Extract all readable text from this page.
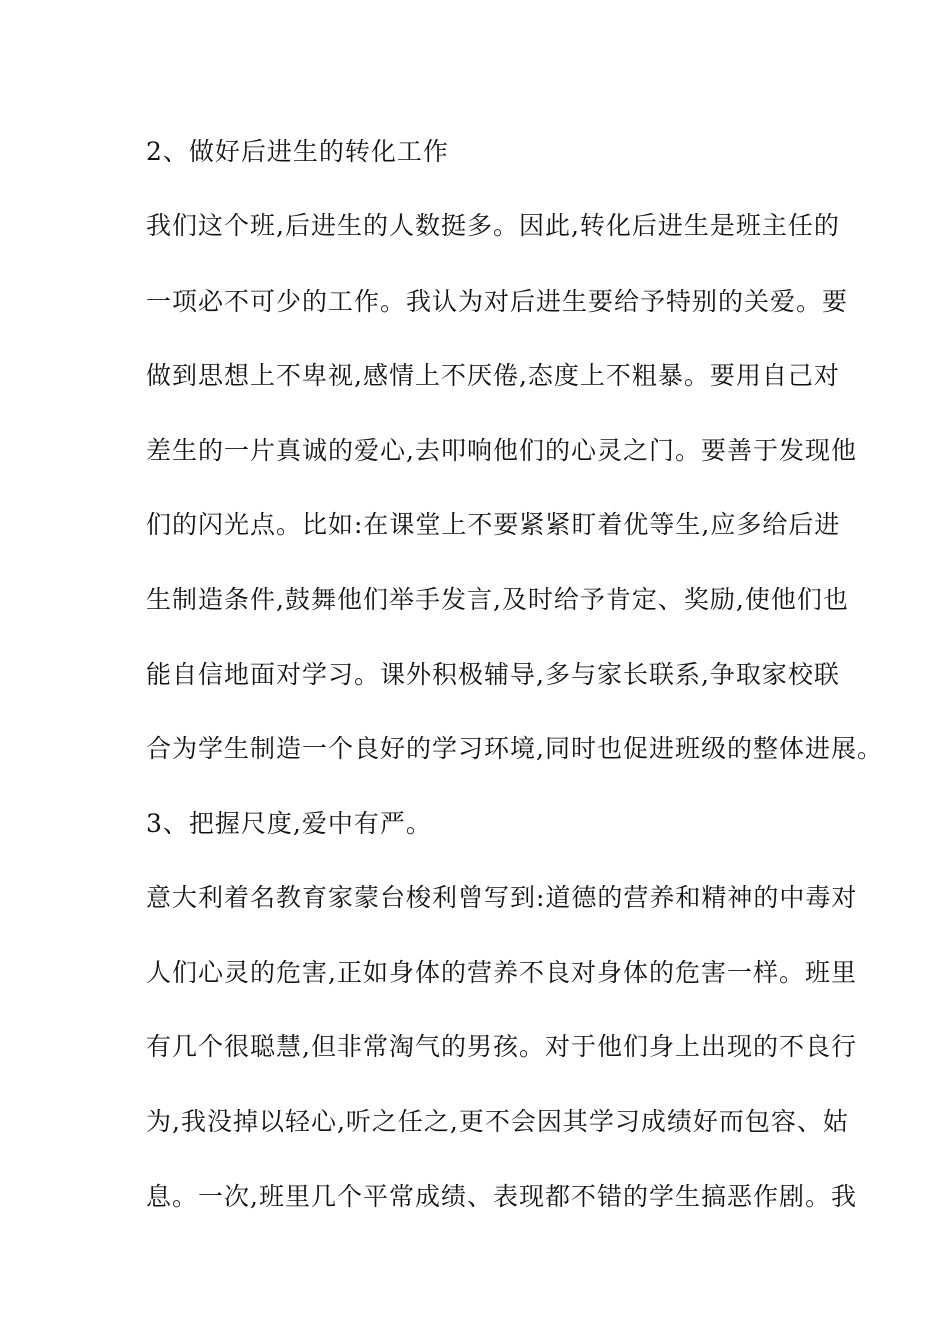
2、做好后进生的转化工作
我们这个班,后进生的人数挺多。因此,转化后进生是班主任的
一项必不可少的工作。我认为对后进生要给予特别的关爱。要
做到思想上不卑视,感情上不厌倦,态度上不粗暴。要用自己对
差生的一片真诚的爱心,去叩响他们的心灵之门。要善于发现他
们的闪光点。比如:在课堂上不要紧紧盯着优等生,应多给后进
生制造条件,鼓舞他们举手发言,及时给予肯定、奖励,使他们也
能自信地面对学习。课外积极辅导,多与家长联系,争取家校联
合为学生制造一个良好的学习环境,同时也促进班级的整体进展。
3、把握尺度,爱中有严。
意大利着名教育家蒙台梭利曾写到:道德的营养和精神的中毒对
人们心灵的危害,正如身体的营养不良对身体的危害一样。班里
有几个很聪慧,但非常淘气的男孩。对于他们身上出现的不良行
为,我没掉以轻心,听之任之,更不会因其学习成绩好而包容、姑
息。一次,班里几个平常成绩、表现都不错的学生搞恶作剧。我
